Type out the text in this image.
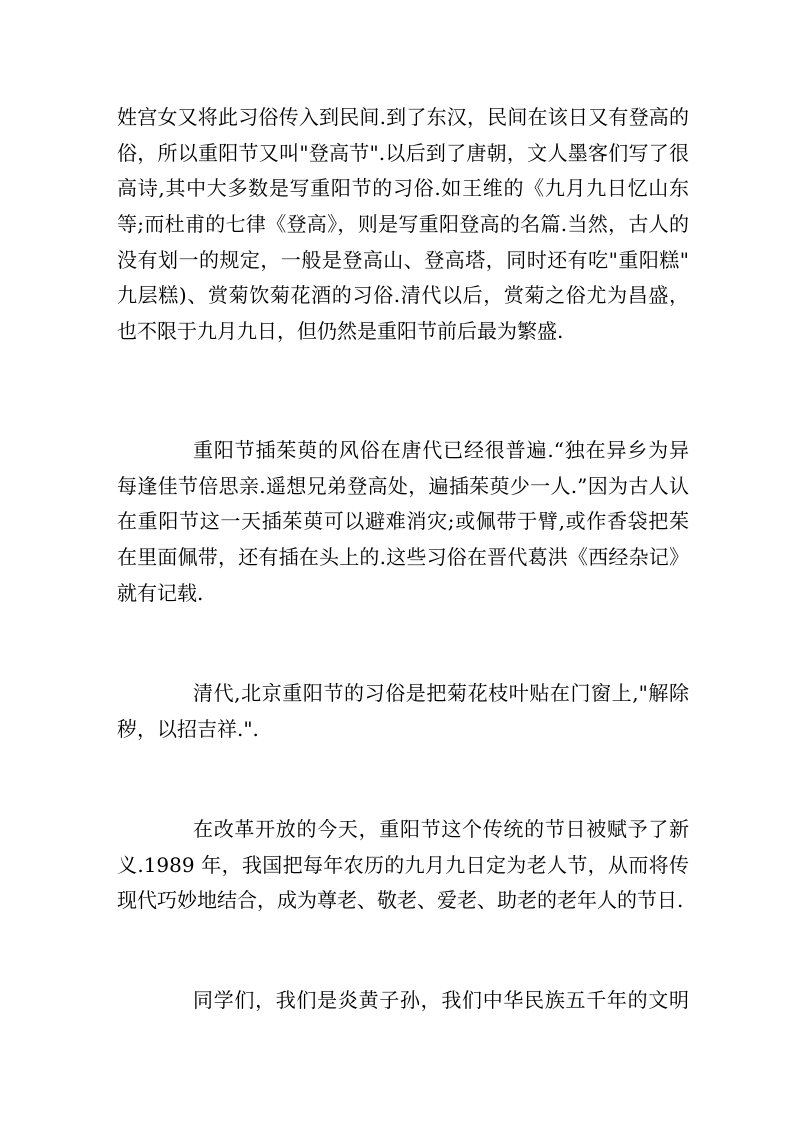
姓宫女又将此习俗传入到民间.到了东汉，民间在该日又有登高的
俗，所以重阳节又叫"登高节".以后到了唐朝，文人墨客们写了很
高诗,其中大多数是写重阳节的习俗.如王维的《九月九日忆山东
等;而杜甫的七律《登高》，则是写重阳登高的名篇.当然，古人的
没有划一的规定，一般是登高山、登高塔，同时还有吃"重阳糕"
九层糕)、赏菊饮菊花酒的习俗.清代以后，赏菊之俗尤为昌盛，
也不限于九月九日，但仍然是重阳节前后最为繁盛.
重阳节插茱萸的风俗在唐代已经很普遍.“独在异乡为异
每逢佳节倍思亲.遥想兄弟登高处，遍插茱萸少一人.”因为古人认
在重阳节这一天插茱萸可以避难消灾;或佩带于臂,或作香袋把茱
在里面佩带，还有插在头上的.这些习俗在晋代葛洪《西经杂记》
就有记载.
清代,北京重阳节的习俗是把菊花枝叶贴在门窗上,"解除
秽，以招吉祥.".
在改革开放的今天，重阳节这个传统的节日被赋予了新
义.1989 年，我国把每年农历的九月九日定为老人节，从而将传
现代巧妙地结合，成为尊老、敬老、爱老、助老的老年人的节日.
同学们，我们是炎黄子孙，我们中华民族五千年的文明
